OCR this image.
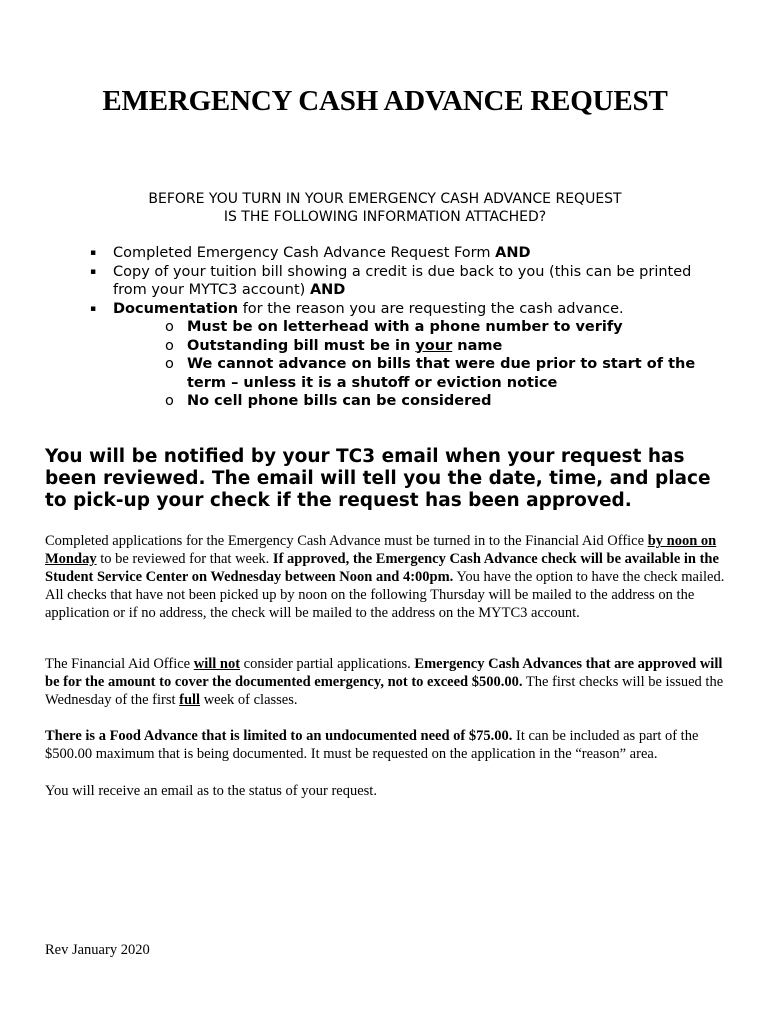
EMERGENCY CASH ADVANCE REQUEST
BEFORE YOU TURN IN YOUR EMERGENCY CASH ADVANCE REQUEST
IS THE FOLLOWING INFORMATION ATTACHED?
▪ Completed Emergency Cash Advance Request Form AND
▪ Copy of your tuition bill showing a credit is due back to you (this can be printed from your MYTC3 account) AND
▪ Documentation for the reason you are requesting the cash advance.
o Must be on letterhead with a phone number to verify
o Outstanding bill must be in your name
o We cannot advance on bills that were due prior to start of the term – unless it is a shutoff or eviction notice
o No cell phone bills can be considered

You will be notified by your TC3 email when your request has been reviewed. The email will tell you the date, time, and place to pick-up your check if the request has been approved.

Completed applications for the Emergency Cash Advance must be turned in to the Financial Aid Office by noon on Monday to be reviewed for that week. If approved, the Emergency Cash Advance check will be available in the Student Service Center on Wednesday between Noon and 4:00pm. You have the option to have the check mailed. All checks that have not been picked up by noon on the following Thursday will be mailed to the address on the application or if no address, the check will be mailed to the address on the MYTC3 account.

The Financial Aid Office will not consider partial applications. Emergency Cash Advances that are approved will be for the amount to cover the documented emergency, not to exceed $500.00. The first checks will be issued the Wednesday of the first full week of classes.

There is a Food Advance that is limited to an undocumented need of $75.00. It can be included as part of the $500.00 maximum that is being documented. It must be requested on the application in the “reason” area.

You will receive an email as to the status of your request.

Rev January 2020
